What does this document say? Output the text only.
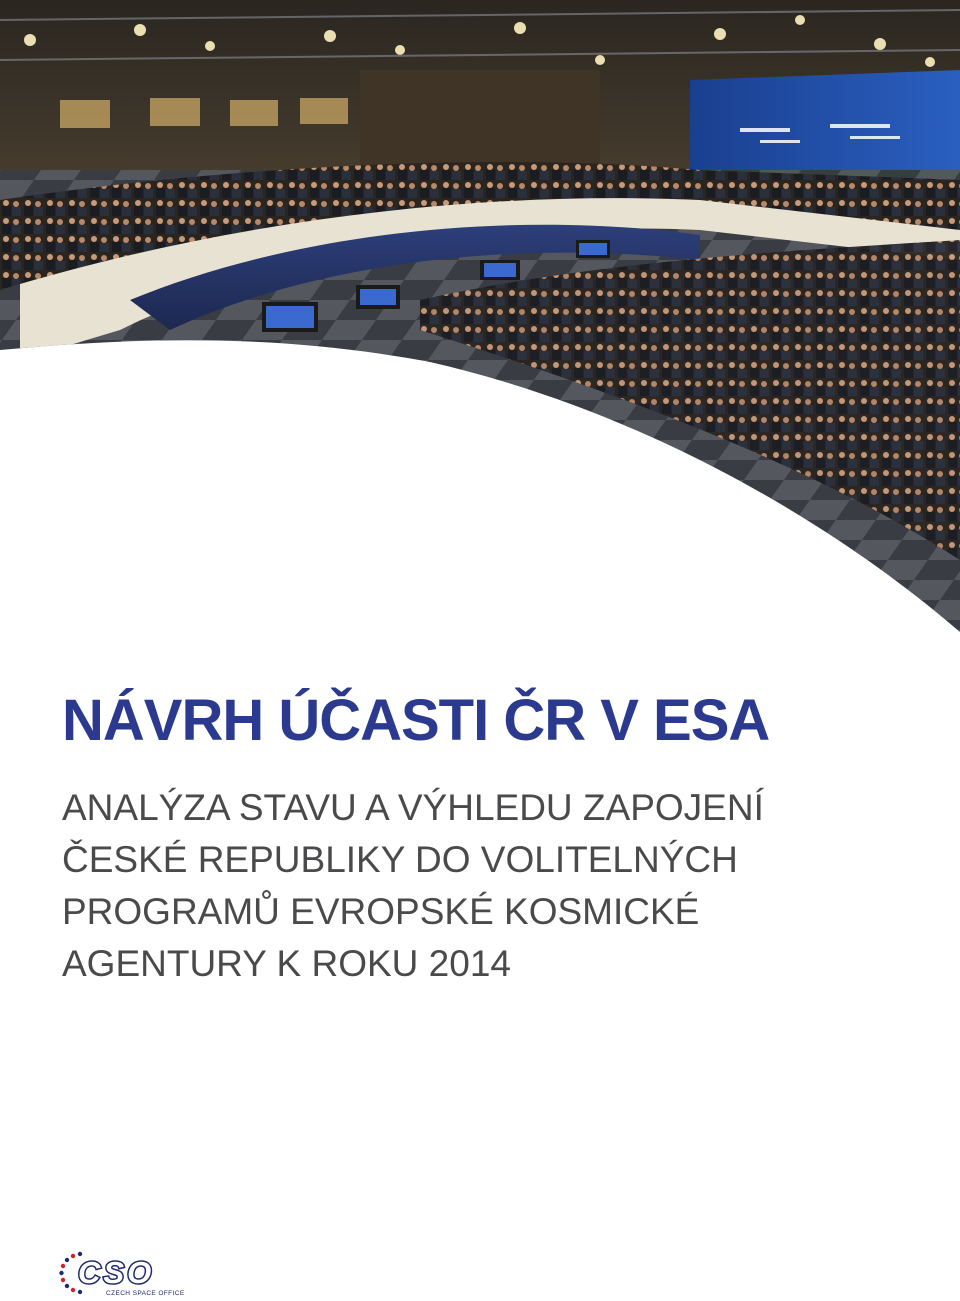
NÁVRH ÚČASTI ČR V ESA
ANALÝZA STAVU A VÝHLEDU ZAPOJENÍ
ČESKÉ REPUBLIKY DO VOLITELNÝCH
PROGRAMŮ EVROPSKÉ KOSMICKÉ
AGENTURY K ROKU 2014
CSO
CZECH SPACE OFFICE
